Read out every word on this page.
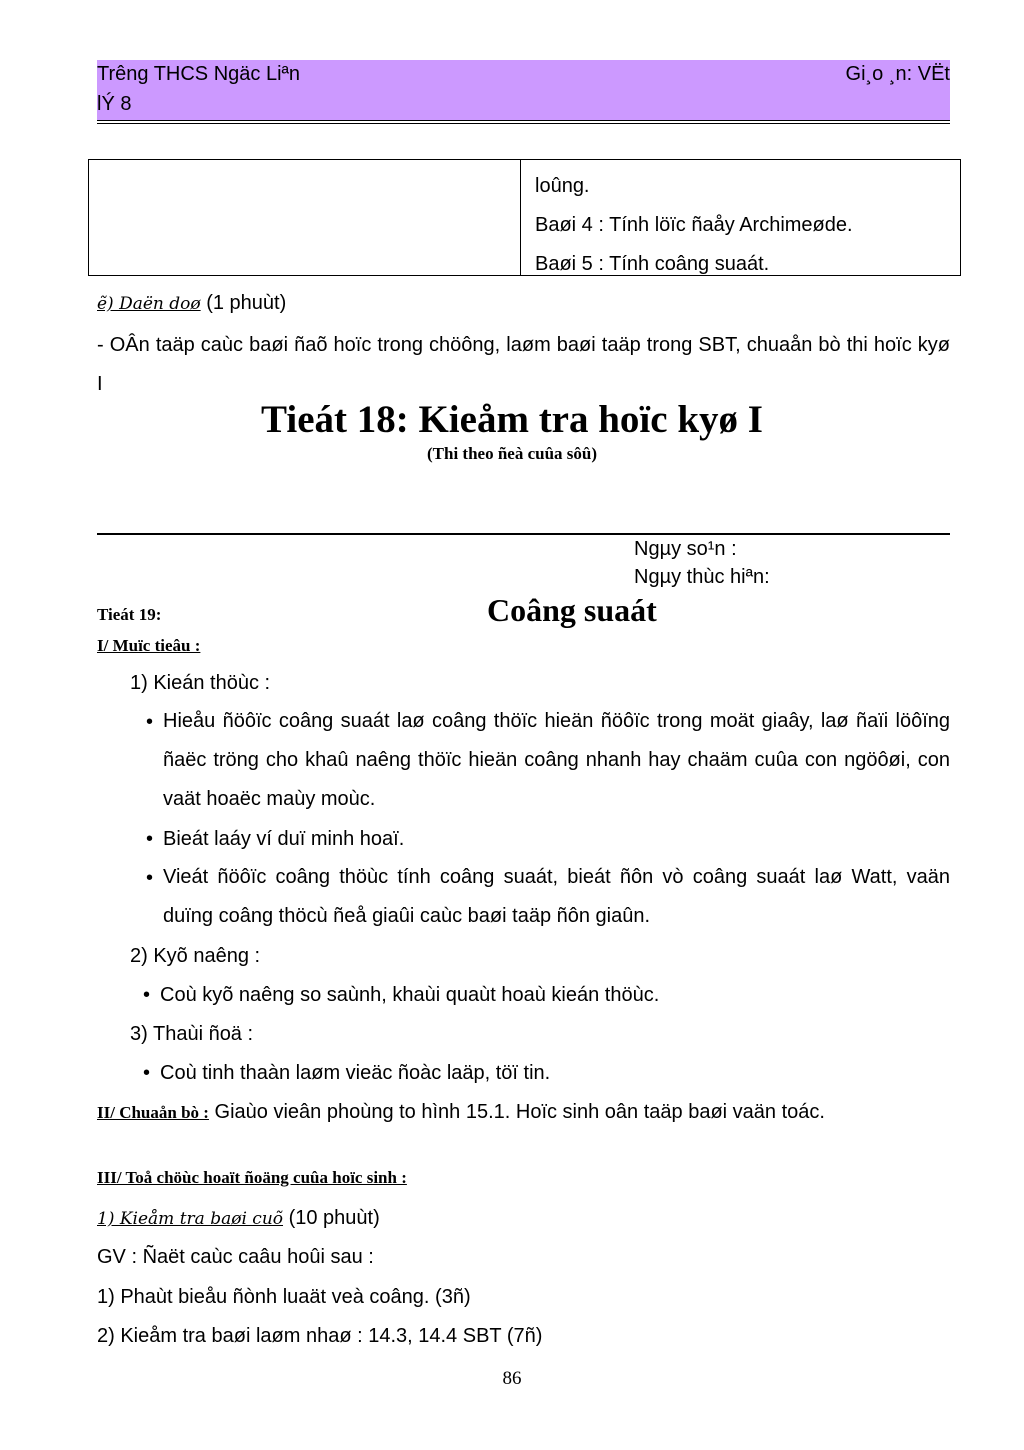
Trêng THCS Ngäc Liªn
lÝ 8
Gi¸o ¸n: VËt
loûng.
Baøi 4 : Tính löïc ñaåy Archimeøde.
Baøi 5 : Tính coâng suaát.
ẽ) Daën doø (1 phuùt)
- OÂn taäp caùc baøi ñaõ hoïc trong chöông, laøm baøi taäp trong SBT, chuaån bò thi hoïc kyø I
Tieát 18: Kieåm tra hoïc kyø I
(Thi theo ñeà cuûa sôû)
Ngµy so¹n :
Ngµy thùc hiªn:
Tieát 19:	Coâng suaát
I/ Muïc tieâu :
1) Kieán thöùc :
• Hieåu ñöôïc coâng suaát laø coâng thöïc hieän ñöôïc trong moät giaây, laø ñaïi löôïng ñaëc tröng cho khaû naêng thöïc hieän coâng nhanh hay chaäm cuûa con ngöôøi, con vaät hoaëc maùy moùc.
• Bieát laáy ví duï minh hoaï.
• Vieát ñöôïc coâng thöùc tính coâng suaát, bieát ñôn vò coâng suaát laø Watt, vaän duïng coâng thöcù ñeå giaûi caùc baøi taäp ñôn giaûn.
2) Kyõ naêng :
• Coù kyõ naêng so saùnh, khaùi quaùt hoaù kieán thöùc.
3) Thaùi ñoä :
• Coù tinh thaàn laøm vieäc ñoàc laäp, töï tin.
II/ Chuaån bò : Giaùo vieân phoùng to hình 15.1. Hoïc sinh oân taäp baøi vaän toác.
III/ Toå chöùc hoaït ñoäng cuûa hoïc sinh :
1) Kieåm tra baøi cuõ (10 phuùt)
GV : Ñaët caùc caâu hoûi sau :
1) Phaùt bieåu ñònh luaät veà coâng. (3ñ)
2) Kieåm tra baøi laøm nhaø : 14.3, 14.4 SBT (7ñ)
86
